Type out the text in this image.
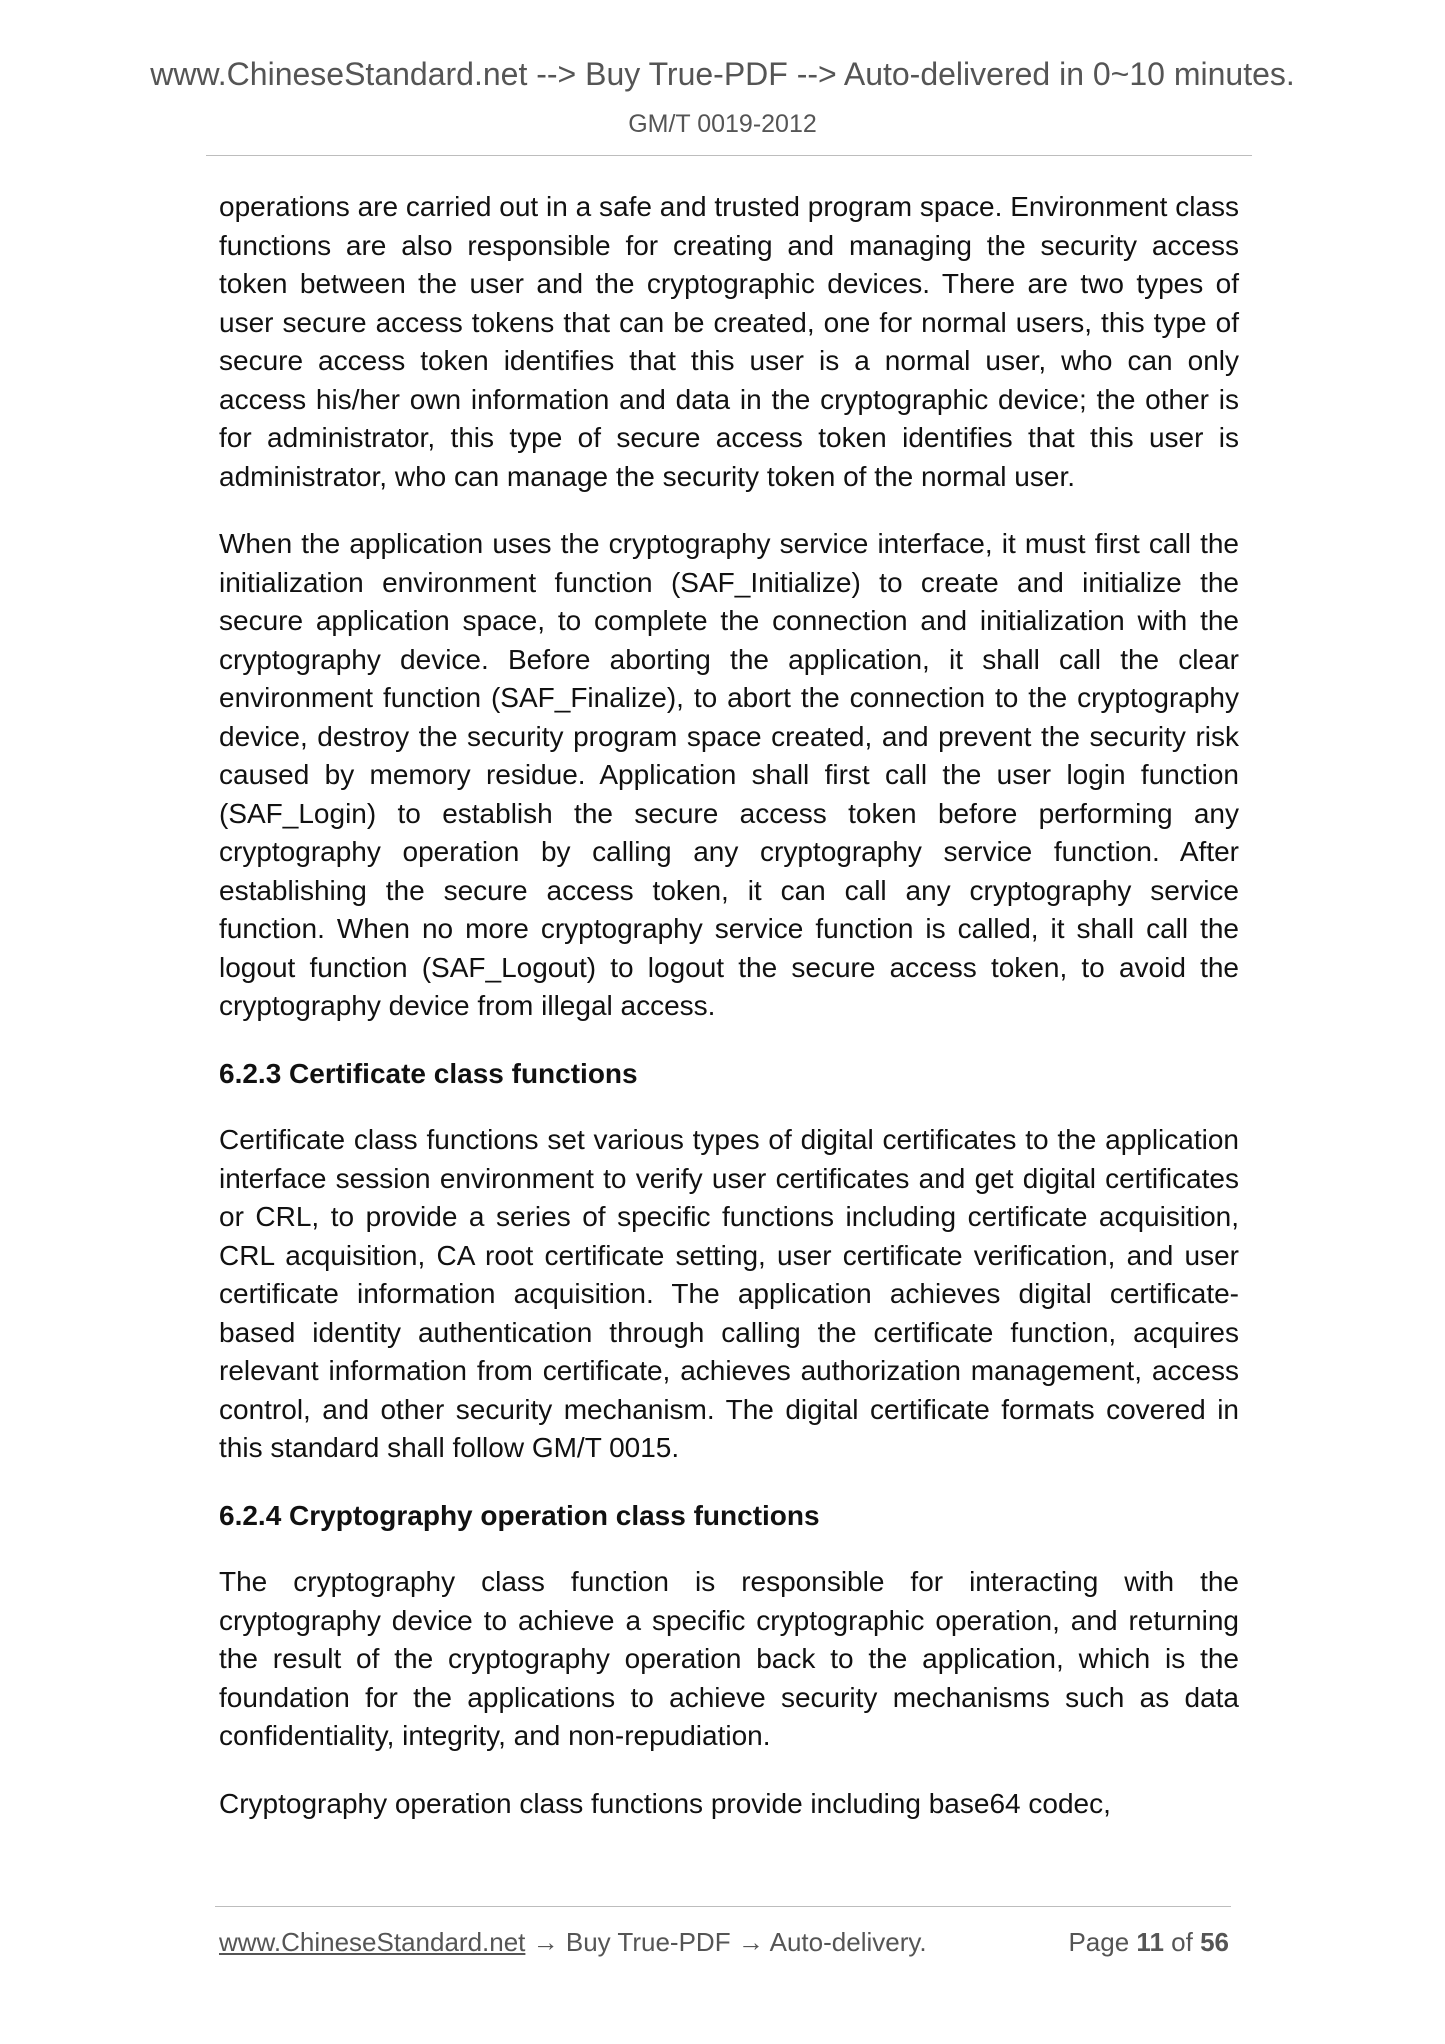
www.ChineseStandard.net --> Buy True-PDF --> Auto-delivered in 0~10 minutes.
GM/T 0019-2012

operations are carried out in a safe and trusted program space. Environment class functions are also responsible for creating and managing the security access token between the user and the cryptographic devices. There are two types of user secure access tokens that can be created, one for normal users, this type of secure access token identifies that this user is a normal user, who can only access his/her own information and data in the cryptographic device; the other is for administrator, this type of secure access token identifies that this user is administrator, who can manage the security token of the normal user.

When the application uses the cryptography service interface, it must first call the initialization environment function (SAF_Initialize) to create and initialize the secure application space, to complete the connection and initialization with the cryptography device. Before aborting the application, it shall call the clear environment function (SAF_Finalize), to abort the connection to the cryptography device, destroy the security program space created, and prevent the security risk caused by memory residue. Application shall first call the user login function (SAF_Login) to establish the secure access token before performing any cryptography operation by calling any cryptography service function. After establishing the secure access token, it can call any cryptography service function. When no more cryptography service function is called, it shall call the logout function (SAF_Logout) to logout the secure access token, to avoid the cryptography device from illegal access.

6.2.3 Certificate class functions

Certificate class functions set various types of digital certificates to the application interface session environment to verify user certificates and get digital certificates or CRL, to provide a series of specific functions including certificate acquisition, CRL acquisition, CA root certificate setting, user certificate verification, and user certificate information acquisition. The application achieves digital certificate-based identity authentication through calling the certificate function, acquires relevant information from certificate, achieves authorization management, access control, and other security mechanism. The digital certificate formats covered in this standard shall follow GM/T 0015.

6.2.4 Cryptography operation class functions

The cryptography class function is responsible for interacting with the cryptography device to achieve a specific cryptographic operation, and returning the result of the cryptography operation back to the application, which is the foundation for the applications to achieve security mechanisms such as data confidentiality, integrity, and non-repudiation.

Cryptography operation class functions provide including base64 codec,

www.ChineseStandard.net → Buy True-PDF → Auto-delivery.	Page 11 of 56
